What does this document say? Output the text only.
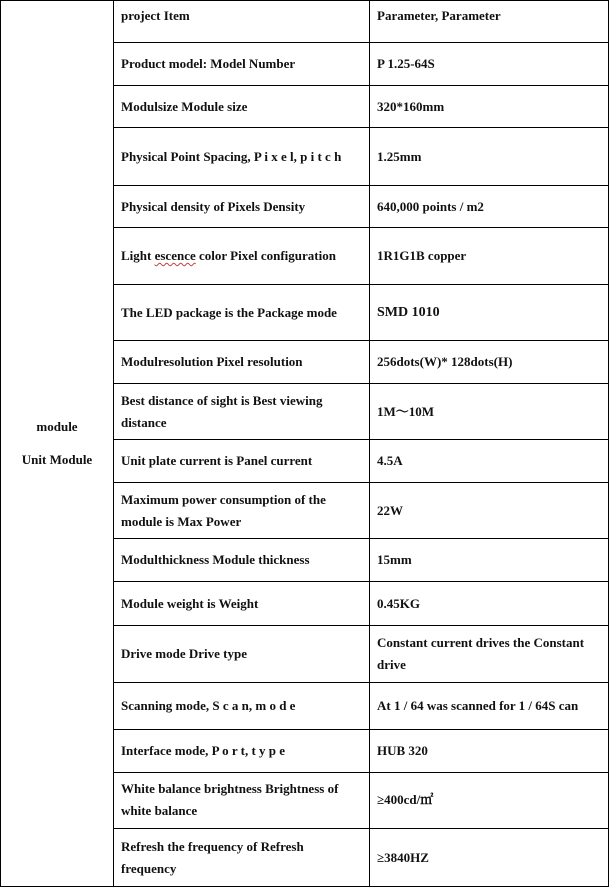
module
Unit Module	project Item	Parameter, Parameter
	Product model: Model Number	P 1.25-64S
	Modulsize Module size	320*160mm
	Physical Point Spacing, P i x e l, p i t c h	1.25mm
	Physical density of Pixels Density	640,000 points / m2
	Light escence color Pixel configuration	1R1G1B copper
	The LED package is the Package mode	SMD 1010
	Modulresolution Pixel resolution	256dots(W)* 128dots(H)
	Best distance of sight is Best viewing distance	1M～10M
	Unit plate current is Panel current	4.5A
	Maximum power consumption of the module is Max Power	22W
	Modulthickness Module thickness	15mm
	Module weight is Weight	0.45KG
	Drive mode Drive type	Constant current drives the Constant drive
	Scanning mode, S c a n, m o d e	At 1 / 64 was scanned for 1 / 64S can
	Interface mode, P o r t, t y p e	HUB 320
	White balance brightness Brightness of white balance	≥400cd/㎡
	Refresh the frequency of Refresh frequency	≥3840HZ
